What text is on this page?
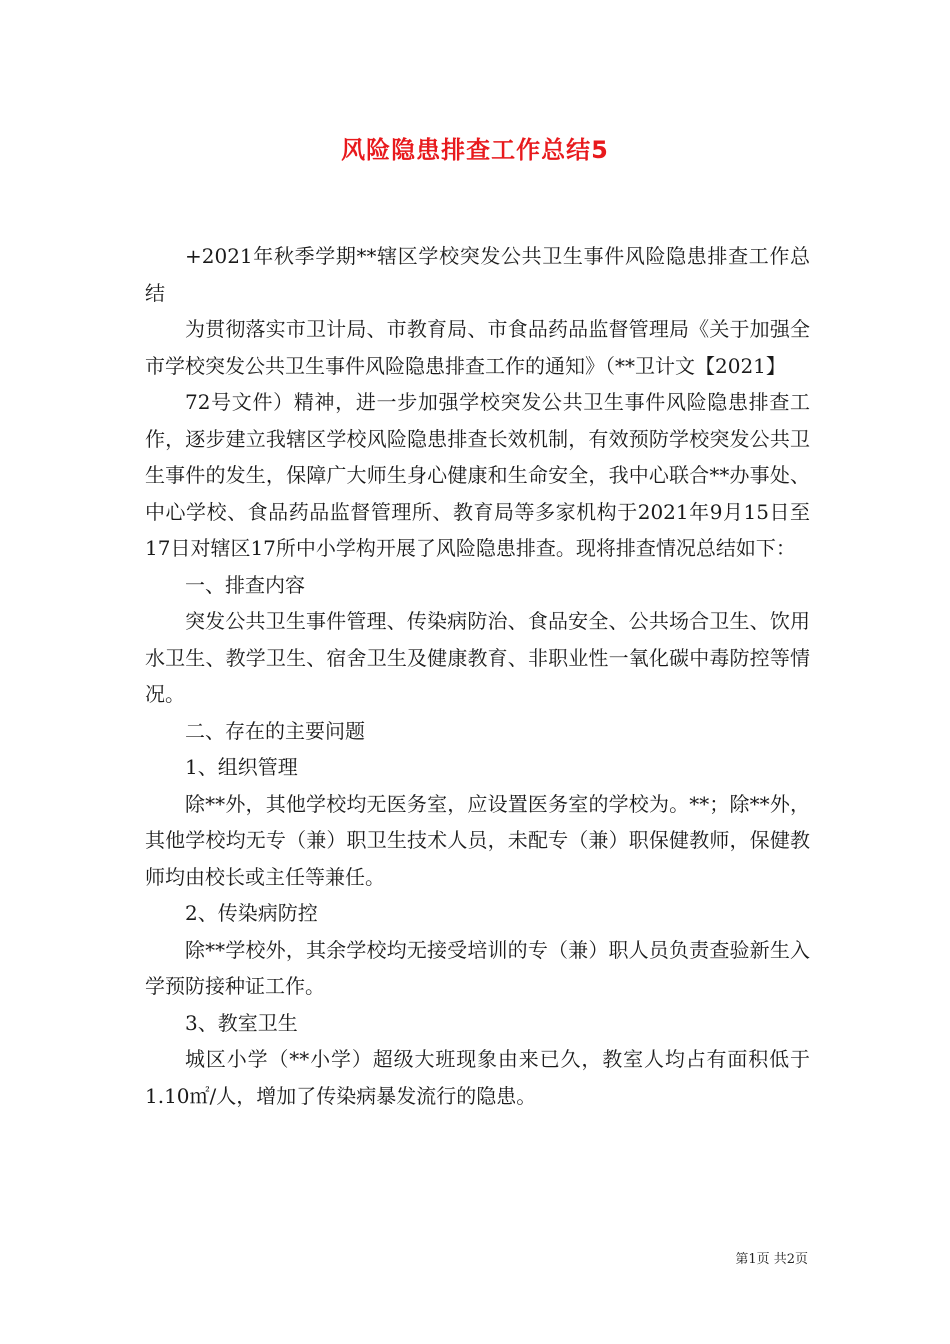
风险隐患排查工作总结5

+2021年秋季学期**辖区学校突发公共卫生事件风险隐患排查工作总结

为贯彻落实市卫计局、市教育局、市食品药品监督管理局《关于加强全市学校突发公共卫生事件风险隐患排查工作的通知》（**卫计文【2021】

72号文件）精神，进一步加强学校突发公共卫生事件风险隐患排查工作，逐步建立我辖区学校风险隐患排查长效机制，有效预防学校突发公共卫生事件的发生，保障广大师生身心健康和生命安全，我中心联合**办事处、中心学校、食品药品监督管理所、教育局等多家机构于2021年9月15日至17日对辖区17所中小学构开展了风险隐患排查。现将排查情况总结如下：

一、排查内容

突发公共卫生事件管理、传染病防治、食品安全、公共场合卫生、饮用水卫生、教学卫生、宿舍卫生及健康教育、非职业性一氧化碳中毒防控等情况。

二、存在的主要问题

1、组织管理

除**外，其他学校均无医务室，应设置医务室的学校为。**；除**外，其他学校均无专（兼）职卫生技术人员，未配专（兼）职保健教师，保健教师均由校长或主任等兼任。

2、传染病防控

除**学校外，其余学校均无接受培训的专（兼）职人员负责查验新生入学预防接种证工作。

3、教室卫生

城区小学（**小学）超级大班现象由来已久，教室人均占有面积低于1.10㎡/人，增加了传染病暴发流行的隐患。

第1页 共2页
